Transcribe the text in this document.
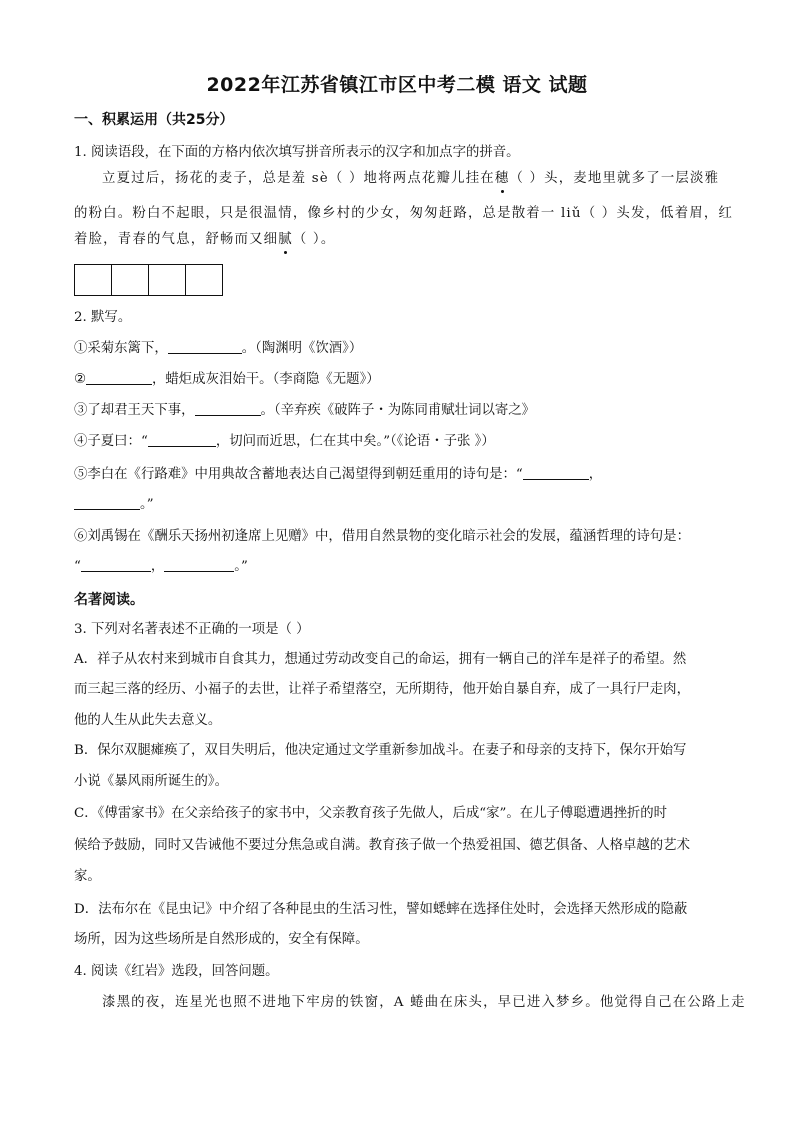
2022年江苏省镇江市区中考二模 语文 试题
一、积累运用（共25分）
1. 阅读语段，在下面的方格内依次填写拼音所表示的汉字和加点字的拼音。
立夏过后，扬花的麦子，总是羞 sè（ ）地将两点花瓣儿挂在穗（ ）头，麦地里就多了一层淡雅
的粉白。粉白不起眼，只是很温情，像乡村的少女，匆匆赶路，总是散着一 liǔ（ ）头发，低着眉，红
着脸，青春的气息，舒畅而又细腻（ ）。
2. 默写。
①采菊东篱下，	。（陶渊明《饮酒》）
②	，蜡炬成灰泪始干。（李商隐《无题》）
③了却君王天下事，	。（辛弃疾《破阵子・为陈同甫赋壮词以寄之》
④子夏曰：“	，切问而近思，仁在其中矣。”（《论语・子张 》）
⑤李白在《行路难》中用典故含蓄地表达自己渴望得到朝廷重用的诗句是：“	，
。”
⑥刘禹锡在《酬乐天扬州初逢席上见赠》中，借用自然景物的变化暗示社会的发展，蕴涵哲理的诗句是：
“	，	。”
名著阅读。
3. 下列对名著表述不正确的一项是（ ）
A．祥子从农村来到城市自食其力，想通过劳动改变自己的命运，拥有一辆自己的洋车是祥子的希望。然
而三起三落的经历、小福子的去世，让祥子希望落空，无所期待，他开始自暴自弃，成了一具行尸走肉，
他的人生从此失去意义。
B．保尔双腿瘫痪了，双目失明后，他决定通过文学重新参加战斗。在妻子和母亲的支持下，保尔开始写
小说《暴风雨所诞生的》。
C．《傅雷家书》在父亲给孩子的家书中，父亲教育孩子先做人，后成“家”。在儿子傅聪遭遇挫折的时
候给予鼓励，同时又告诫他不要过分焦急或自满。教育孩子做一个热爱祖国、德艺俱备、人格卓越的艺术
家。
D．法布尔在《昆虫记》中介绍了各种昆虫的生活习性，譬如蟋蟀在选择住处时，会选择天然形成的隐蔽
场所，因为这些场所是自然形成的，安全有保障。
4. 阅读《红岩》选段，回答问题。
漆黑的夜，连星光也照不进地下牢房的铁窗，A 蜷曲在床头，早已进入梦乡。他觉得自己在公路上走
